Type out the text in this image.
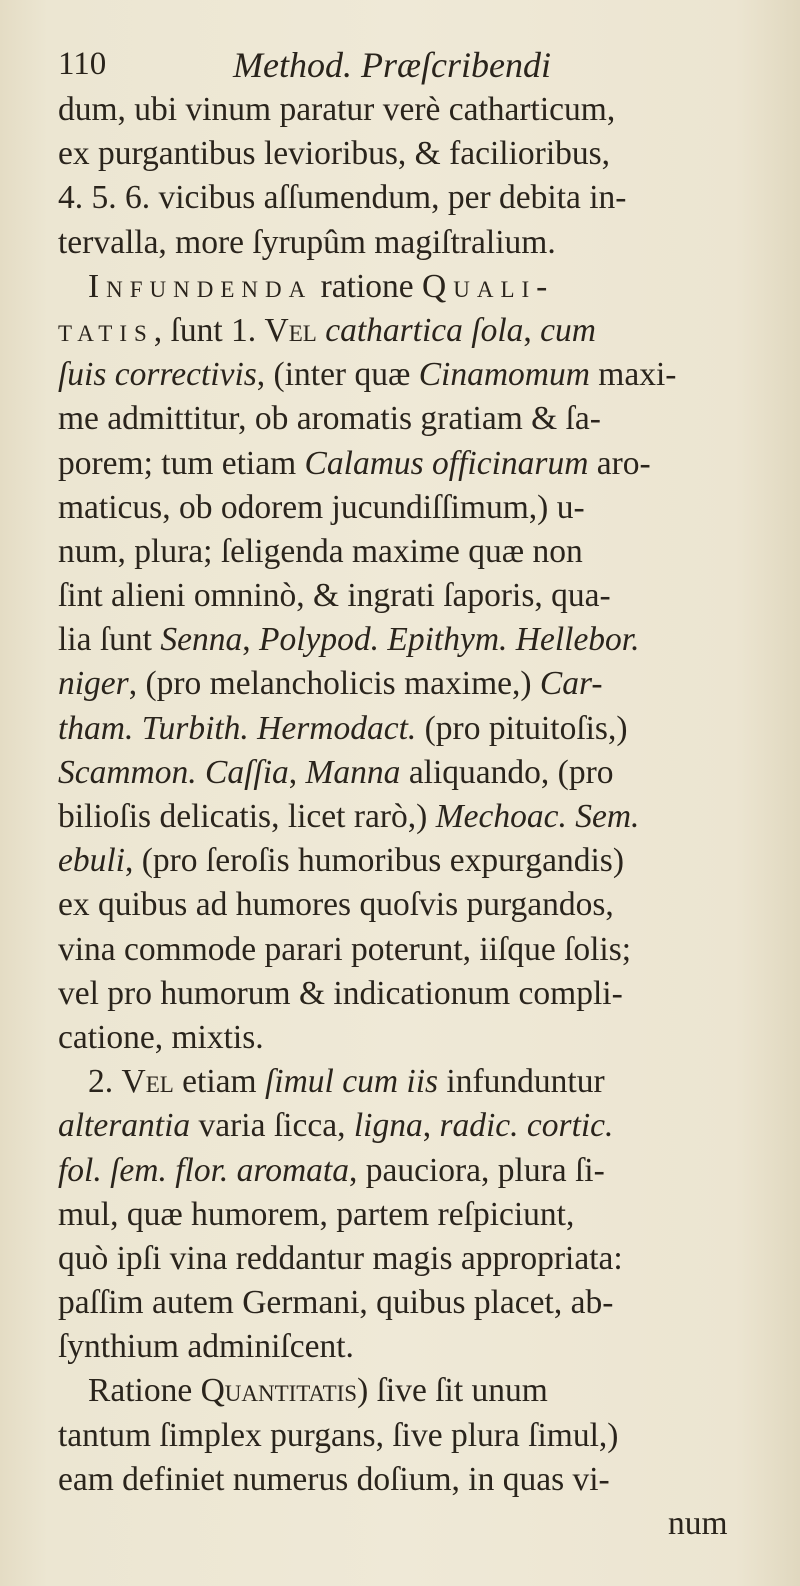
110	Method. Præſcribendi
dum, ubi vinum paratur verè catharticum,
ex purgantibus levioribus, & facilioribus,
4. 5. 6. vicibus aſſumendum, per debita in-
tervalla, more ſyrupûm magiſtralium.
Infundenda ratione Quali-
tatis, ſunt 1. Vel cathartica ſola, cum
ſuis correctivis, (inter quæ Cinamomum maxi-
me admittitur, ob aromatis gratiam & ſa-
porem; tum etiam Calamus officinarum aro-
maticus, ob odorem jucundiſſimum,) u-
num, plura; ſeligenda maxime quæ non
ſint alieni omninò, & ingrati ſaporis, qua-
lia ſunt Senna, Polypod. Epithym. Hellebor.
niger, (pro melancholicis maxime,) Car-
tham. Turbith. Hermodact. (pro pituitoſis,)
Scammon. Caſſia, Manna aliquando, (pro
bilioſis delicatis, licet rarò,) Mechoac. Sem.
ebuli, (pro ſeroſis humoribus expurgandis)
ex quibus ad humores quoſvis purgandos,
vina commode parari poterunt, iiſque ſolis;
vel pro humorum & indicationum compli-
catione, mixtis.
2. Vel etiam ſimul cum iis infunduntur
alterantia varia ſicca, ligna, radic. cortic.
fol. ſem. flor. aromata, pauciora, plura ſi-
mul, quæ humorem, partem reſpiciunt,
quò ipſi vina reddantur magis appropriata:
paſſim autem Germani, quibus placet, ab-
ſynthium adminiſcent.
Ratione Quantitatis) ſive ſit unum
tantum ſimplex purgans, ſive plura ſimul,)
eam definiet numerus doſium, in quas vi-
num
